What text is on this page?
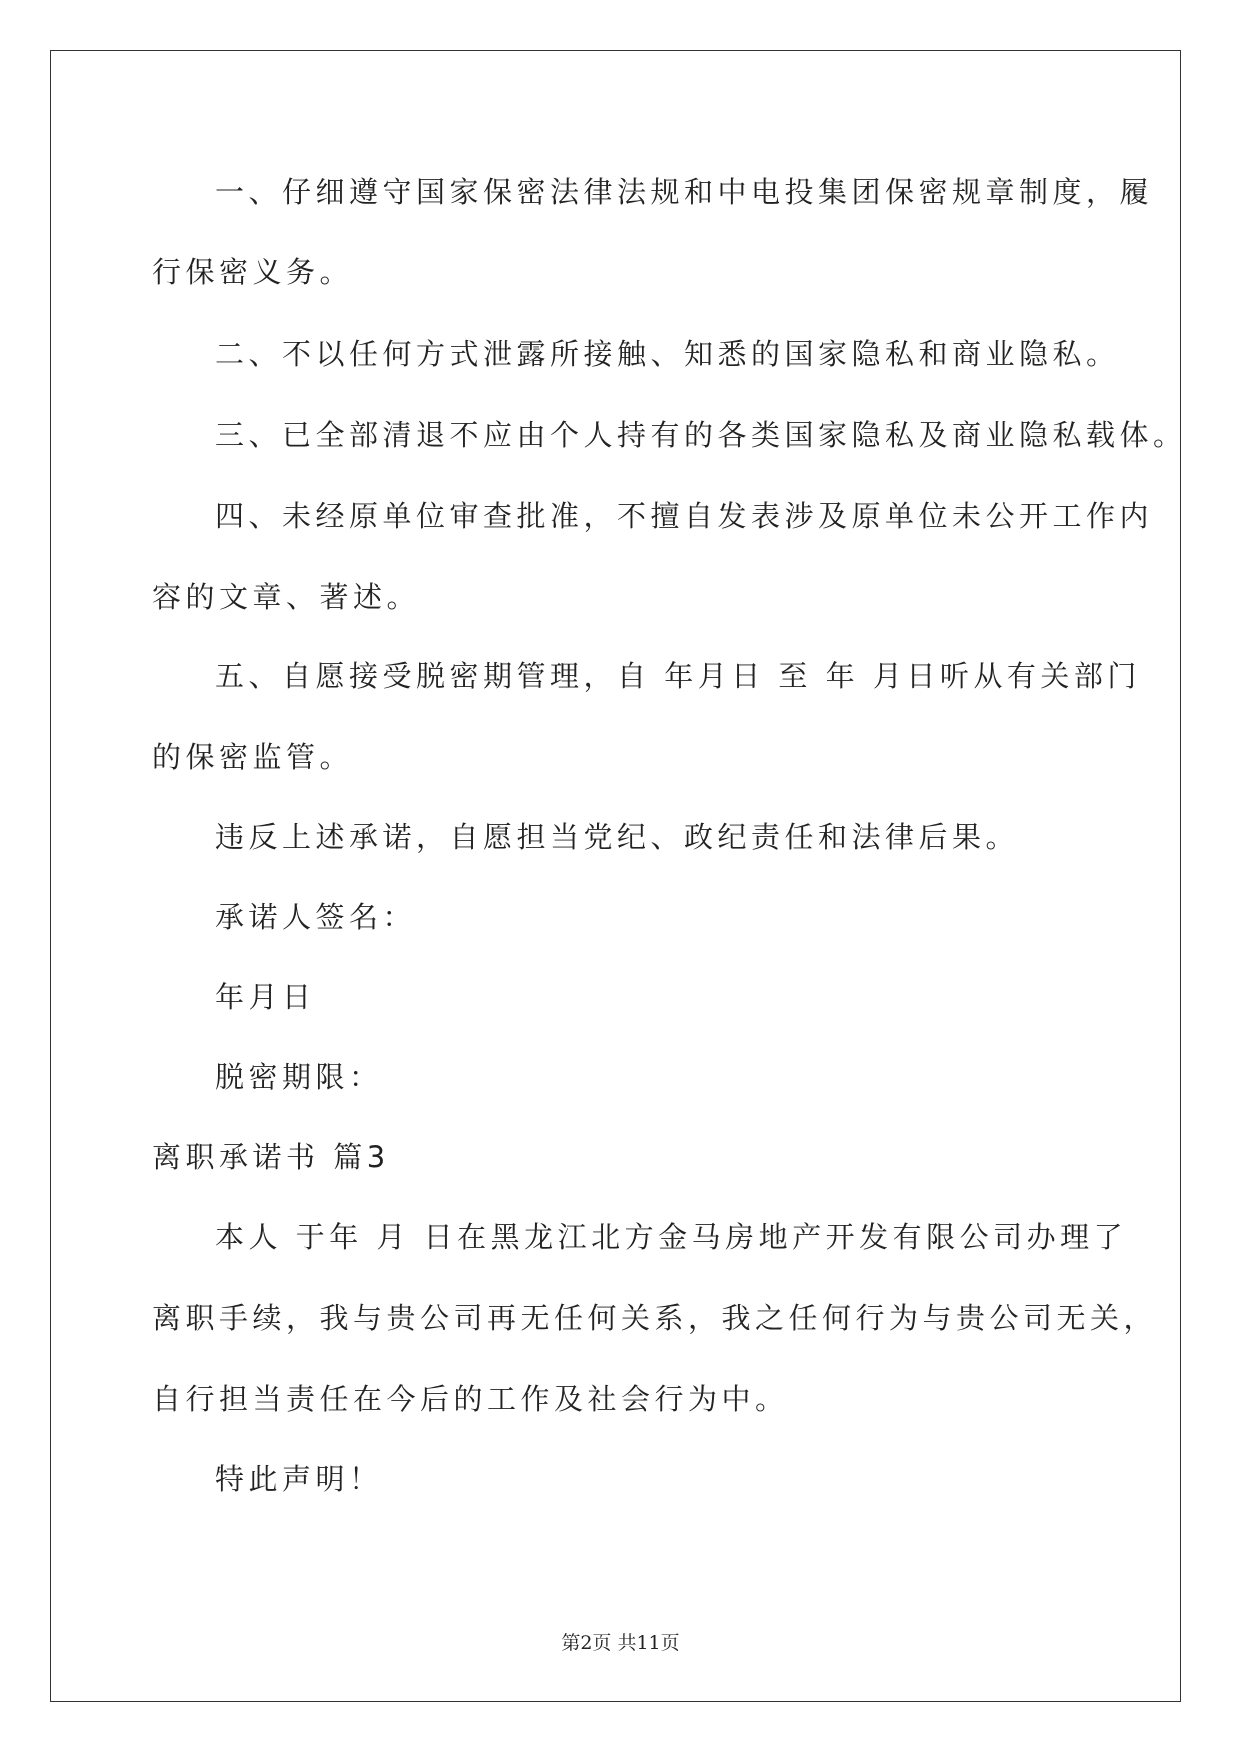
一、仔细遵守国家保密法律法规和中电投集团保密规章制度，履
行保密义务。
二、不以任何方式泄露所接触、知悉的国家隐私和商业隐私。
三、已全部清退不应由个人持有的各类国家隐私及商业隐私载体。
四、未经原单位审查批准，不擅自发表涉及原单位未公开工作内
容的文章、著述。
五、自愿接受脱密期管理，自 年月日 至 年 月日听从有关部门
的保密监管。
违反上述承诺，自愿担当党纪、政纪责任和法律后果。
承诺人签名：
年月日
脱密期限：
离职承诺书 篇3
本人 于年 月 日在黑龙江北方金马房地产开发有限公司办理了
离职手续，我与贵公司再无任何关系，我之任何行为与贵公司无关，
自行担当责任在今后的工作及社会行为中。
特此声明！
第2页 共11页
